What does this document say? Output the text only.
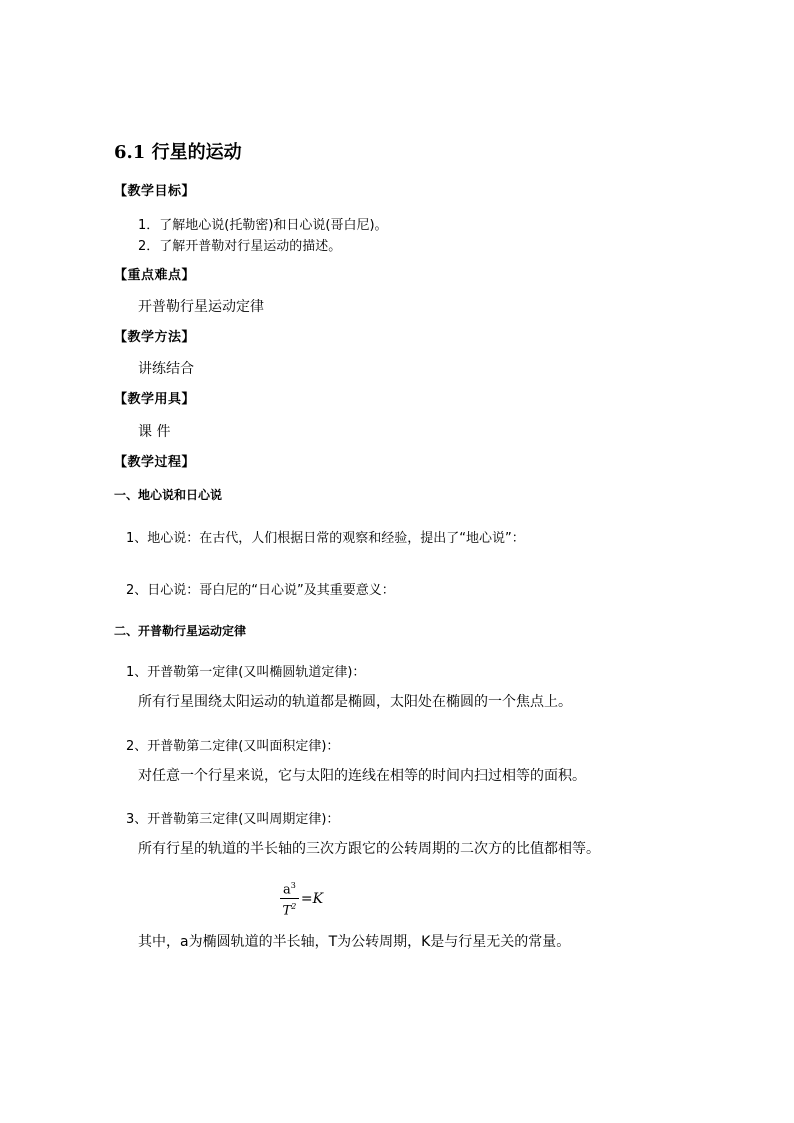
6.1 行星的运动
【教学目标】
1．了解地心说(托勒密)和日心说(哥白尼)。
2．了解开普勒对行星运动的描述。
【重点难点】
开普勒行星运动定律
【教学方法】
讲练结合
【教学用具】
课 件
【教学过程】
一、地心说和日心说
1、地心说：在古代，人们根据日常的观察和经验，提出了“地心说”：
2、日心说：哥白尼的“日心说”及其重要意义：
二、开普勒行星运动定律
1、开普勒第一定律(又叫椭圆轨道定律)：
所有行星围绕太阳运动的轨道都是椭圆，太阳处在椭圆的一个焦点上。
2、开普勒第二定律(又叫面积定律)：
对任意一个行星来说，它与太阳的连线在相等的时间内扫过相等的面积。
3、开普勒第三定律(又叫周期定律)：
所有行星的轨道的半长轴的三次方跟它的公转周期的二次方的比值都相等。
$\frac{a^3}{T^2} =K$
其中，a为椭圆轨道的半长轴，T为公转周期，K是与行星无关的常量。
